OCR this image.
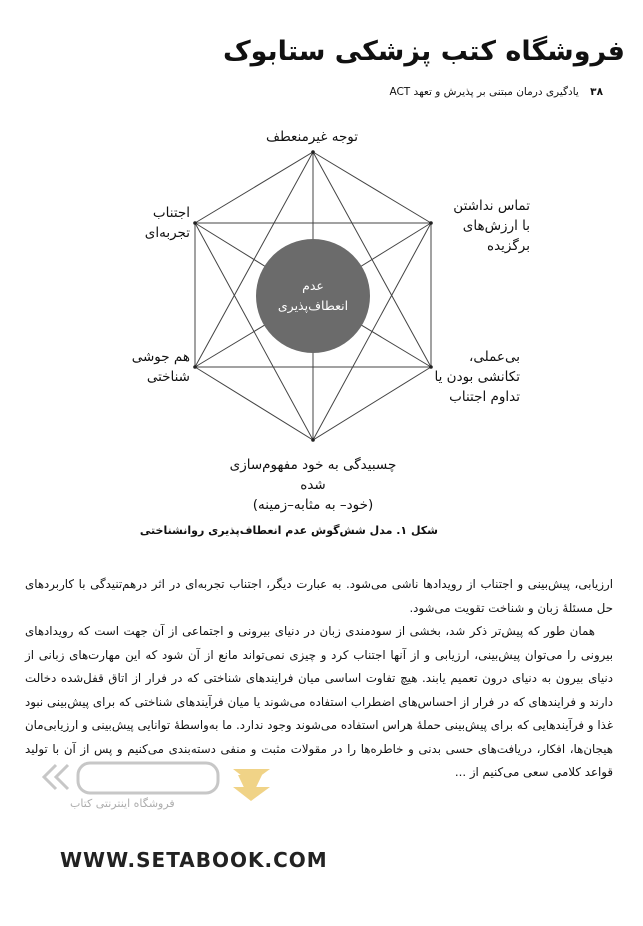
فروشگاه کتب پزشکی ستابوک
۳۸ یادگیری درمان مبتنی بر پذیرش و تعهد ACT
عدم
انعطاف‌پذیری
توجه غیرمنعطف
تماس نداشتن
با ارزش‌های
برگزیده
بی‌عملی،
تکانشی بودن یا
تداوم اجتناب
چسبیدگی به خود مفهوم‌سازی شده
(خود– به مثابه–زمینه)
هم جوشی
شناختی
اجتناب
تجربه‌ای
شکل ۱. مدل شش‌گوش عدم انعطاف‌پذیری روانشناختی

ارزیابی، پیش‌بینی و اجتناب از رویدادها ناشی می‌شود. به عبارت دیگر، اجتناب تجربه‌ای در اثر درهم‌تنیدگی با کاربردهای حل مسئلهٔ زبان و شناخت تقویت می‌شود.

همان طور که پیش‌تر ذکر شد، بخشی از سودمندی زبان در دنیای بیرونی و اجتماعی از آن جهت است که رویدادهای بیرونی را می‌توان پیش‌بینی، ارزیابی و از آنها اجتناب کرد و چیزی نمی‌تواند مانع از آن شود که این مهارت‌های زبانی از دنیای بیرون به دنیای درون تعمیم یابند. هیچ تفاوت اساسی میان فرایندهای شناختی که در فرار از اتاق قفل‌شده دخالت دارند و فرایندهای که در فرار از احساس‌های اضطراب استفاده می‌شوند یا میان فرآیندهای شناختی که برای پیش‌بینی نبود غذا و فرآیندهایی که برای پیش‌بینی حملهٔ هراس استفاده می‌شوند وجود ندارد. ما به‌واسطهٔ توانایی پیش‌بینی و ارزیابی‌مان هیجان‌ها، افکار، دریافت‌های حسی بدنی و خاطره‌ها را در مقولات مثبت و منفی دسته‌بندی می‌کنیم و پس از آن با تولید قواعد کلامی سعی می‌کنیم از ...

فروشگاه اینترنتی کتاب
WWW.SETABOOK.COM
